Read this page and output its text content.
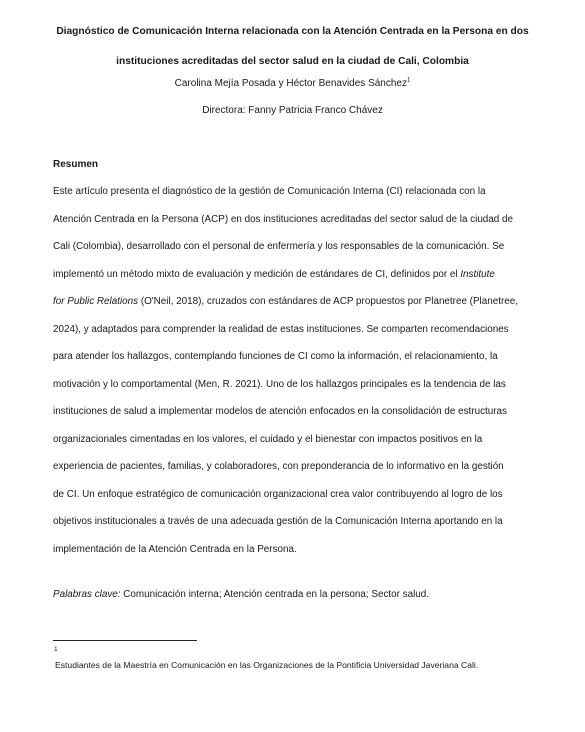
Diagnóstico de Comunicación Interna relacionada con la Atención Centrada en la Persona en dos
instituciones acreditadas del sector salud en la ciudad de Cali, Colombia
Carolina Mejía Posada y Héctor Benavides Sánchez$^1$
Directora: Fanny Patricia Franco Chávez
Resumen
Este artículo presenta el diagnóstico de la gestión de Comunicación Interna (CI) relacionada con la
Atención Centrada en la Persona (ACP) en dos instituciones acreditadas del sector salud de la ciudad de
Cali (Colombia), desarrollado con el personal de enfermería y los responsables de la comunicación. Se
implementó un método mixto de evaluación y medición de estándares de CI, definidos por el Institute
for Public Relations (O'Neil, 2018), cruzados con estándares de ACP propuestos por Planetree (Planetree,
2024), y adaptados para comprender la realidad de estas instituciones. Se comparten recomendaciones
para atender los hallazgos, contemplando funciones de CI como la información, el relacionamiento, la
motivación y lo comportamental (Men, R. 2021). Uno de los hallazgos principales es la tendencia de las
instituciones de salud a implementar modelos de atención enfocados en la consolidación de estructuras
organizacionales cimentadas en los valores, el cuidado y el bienestar con impactos positivos en la
experiencia de pacientes, familias, y colaboradores, con preponderancia de lo informativo en la gestión
de CI. Un enfoque estratégico de comunicación organizacional crea valor contribuyendo al logro de los
objetivos institucionales a través de una adecuada gestión de la Comunicación Interna aportando en la
implementación de la Atención Centrada en la Persona.
Palabras clave: Comunicación interna; Atención centrada en la persona; Sector salud.
1
Estudiantes de la Maestría en Comunicación en las Organizaciones de la Pontificia Universidad Javeriana Cali.
